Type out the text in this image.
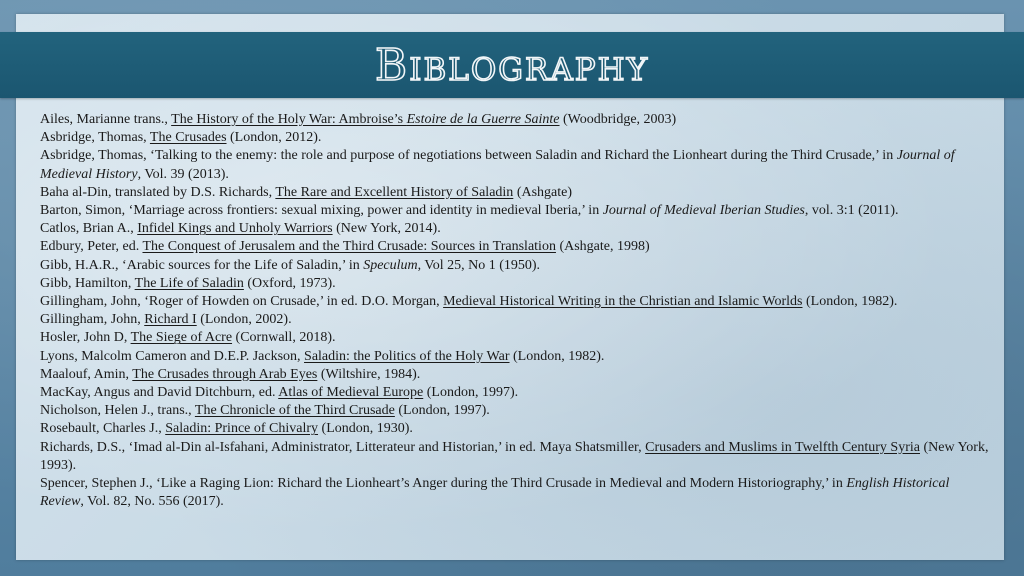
Biblography
Ailes, Marianne trans., The History of the Holy War: Ambroise’s Estoire de la Guerre Sainte (Woodbridge, 2003)
Asbridge, Thomas, The Crusades (London, 2012).
Asbridge, Thomas, ‘Talking to the enemy: the role and purpose of negotiations between Saladin and Richard the Lionheart during the Third Crusade,’ in Journal of Medieval History, Vol. 39 (2013).
Baha al-Din, translated by D.S. Richards, The Rare and Excellent History of Saladin (Ashgate)
Barton, Simon, ‘Marriage across frontiers: sexual mixing, power and identity in medieval Iberia,’ in Journal of Medieval Iberian Studies, vol. 3:1 (2011).
Catlos, Brian A., Infidel Kings and Unholy Warriors (New York, 2014).
Edbury, Peter, ed. The Conquest of Jerusalem and the Third Crusade: Sources in Translation (Ashgate, 1998)
Gibb, H.A.R., ‘Arabic sources for the Life of Saladin,’ in Speculum, Vol 25, No 1 (1950).
Gibb, Hamilton, The Life of Saladin (Oxford, 1973).
Gillingham, John, ‘Roger of Howden on Crusade,’ in ed. D.O. Morgan, Medieval Historical Writing in the Christian and Islamic Worlds (London, 1982).
Gillingham, John, Richard I (London, 2002).
Hosler, John D, The Siege of Acre (Cornwall, 2018).
Lyons, Malcolm Cameron and D.E.P. Jackson, Saladin: the Politics of the Holy War (London, 1982).
Maalouf, Amin, The Crusades through Arab Eyes (Wiltshire, 1984).
MacKay, Angus and David Ditchburn, ed. Atlas of Medieval Europe (London, 1997).
Nicholson, Helen J., trans., The Chronicle of the Third Crusade (London, 1997).
Rosebault, Charles J., Saladin: Prince of Chivalry (London, 1930).
Richards, D.S., ‘Imad al-Din al-Isfahani, Administrator, Litterateur and Historian,’ in ed. Maya Shatsmiller, Crusaders and Muslims in Twelfth Century Syria (New York, 1993).
Spencer, Stephen J., ‘Like a Raging Lion: Richard the Lionheart’s Anger during the Third Crusade in Medieval and Modern Historiography,’ in English Historical Review, Vol. 82, No. 556 (2017).
